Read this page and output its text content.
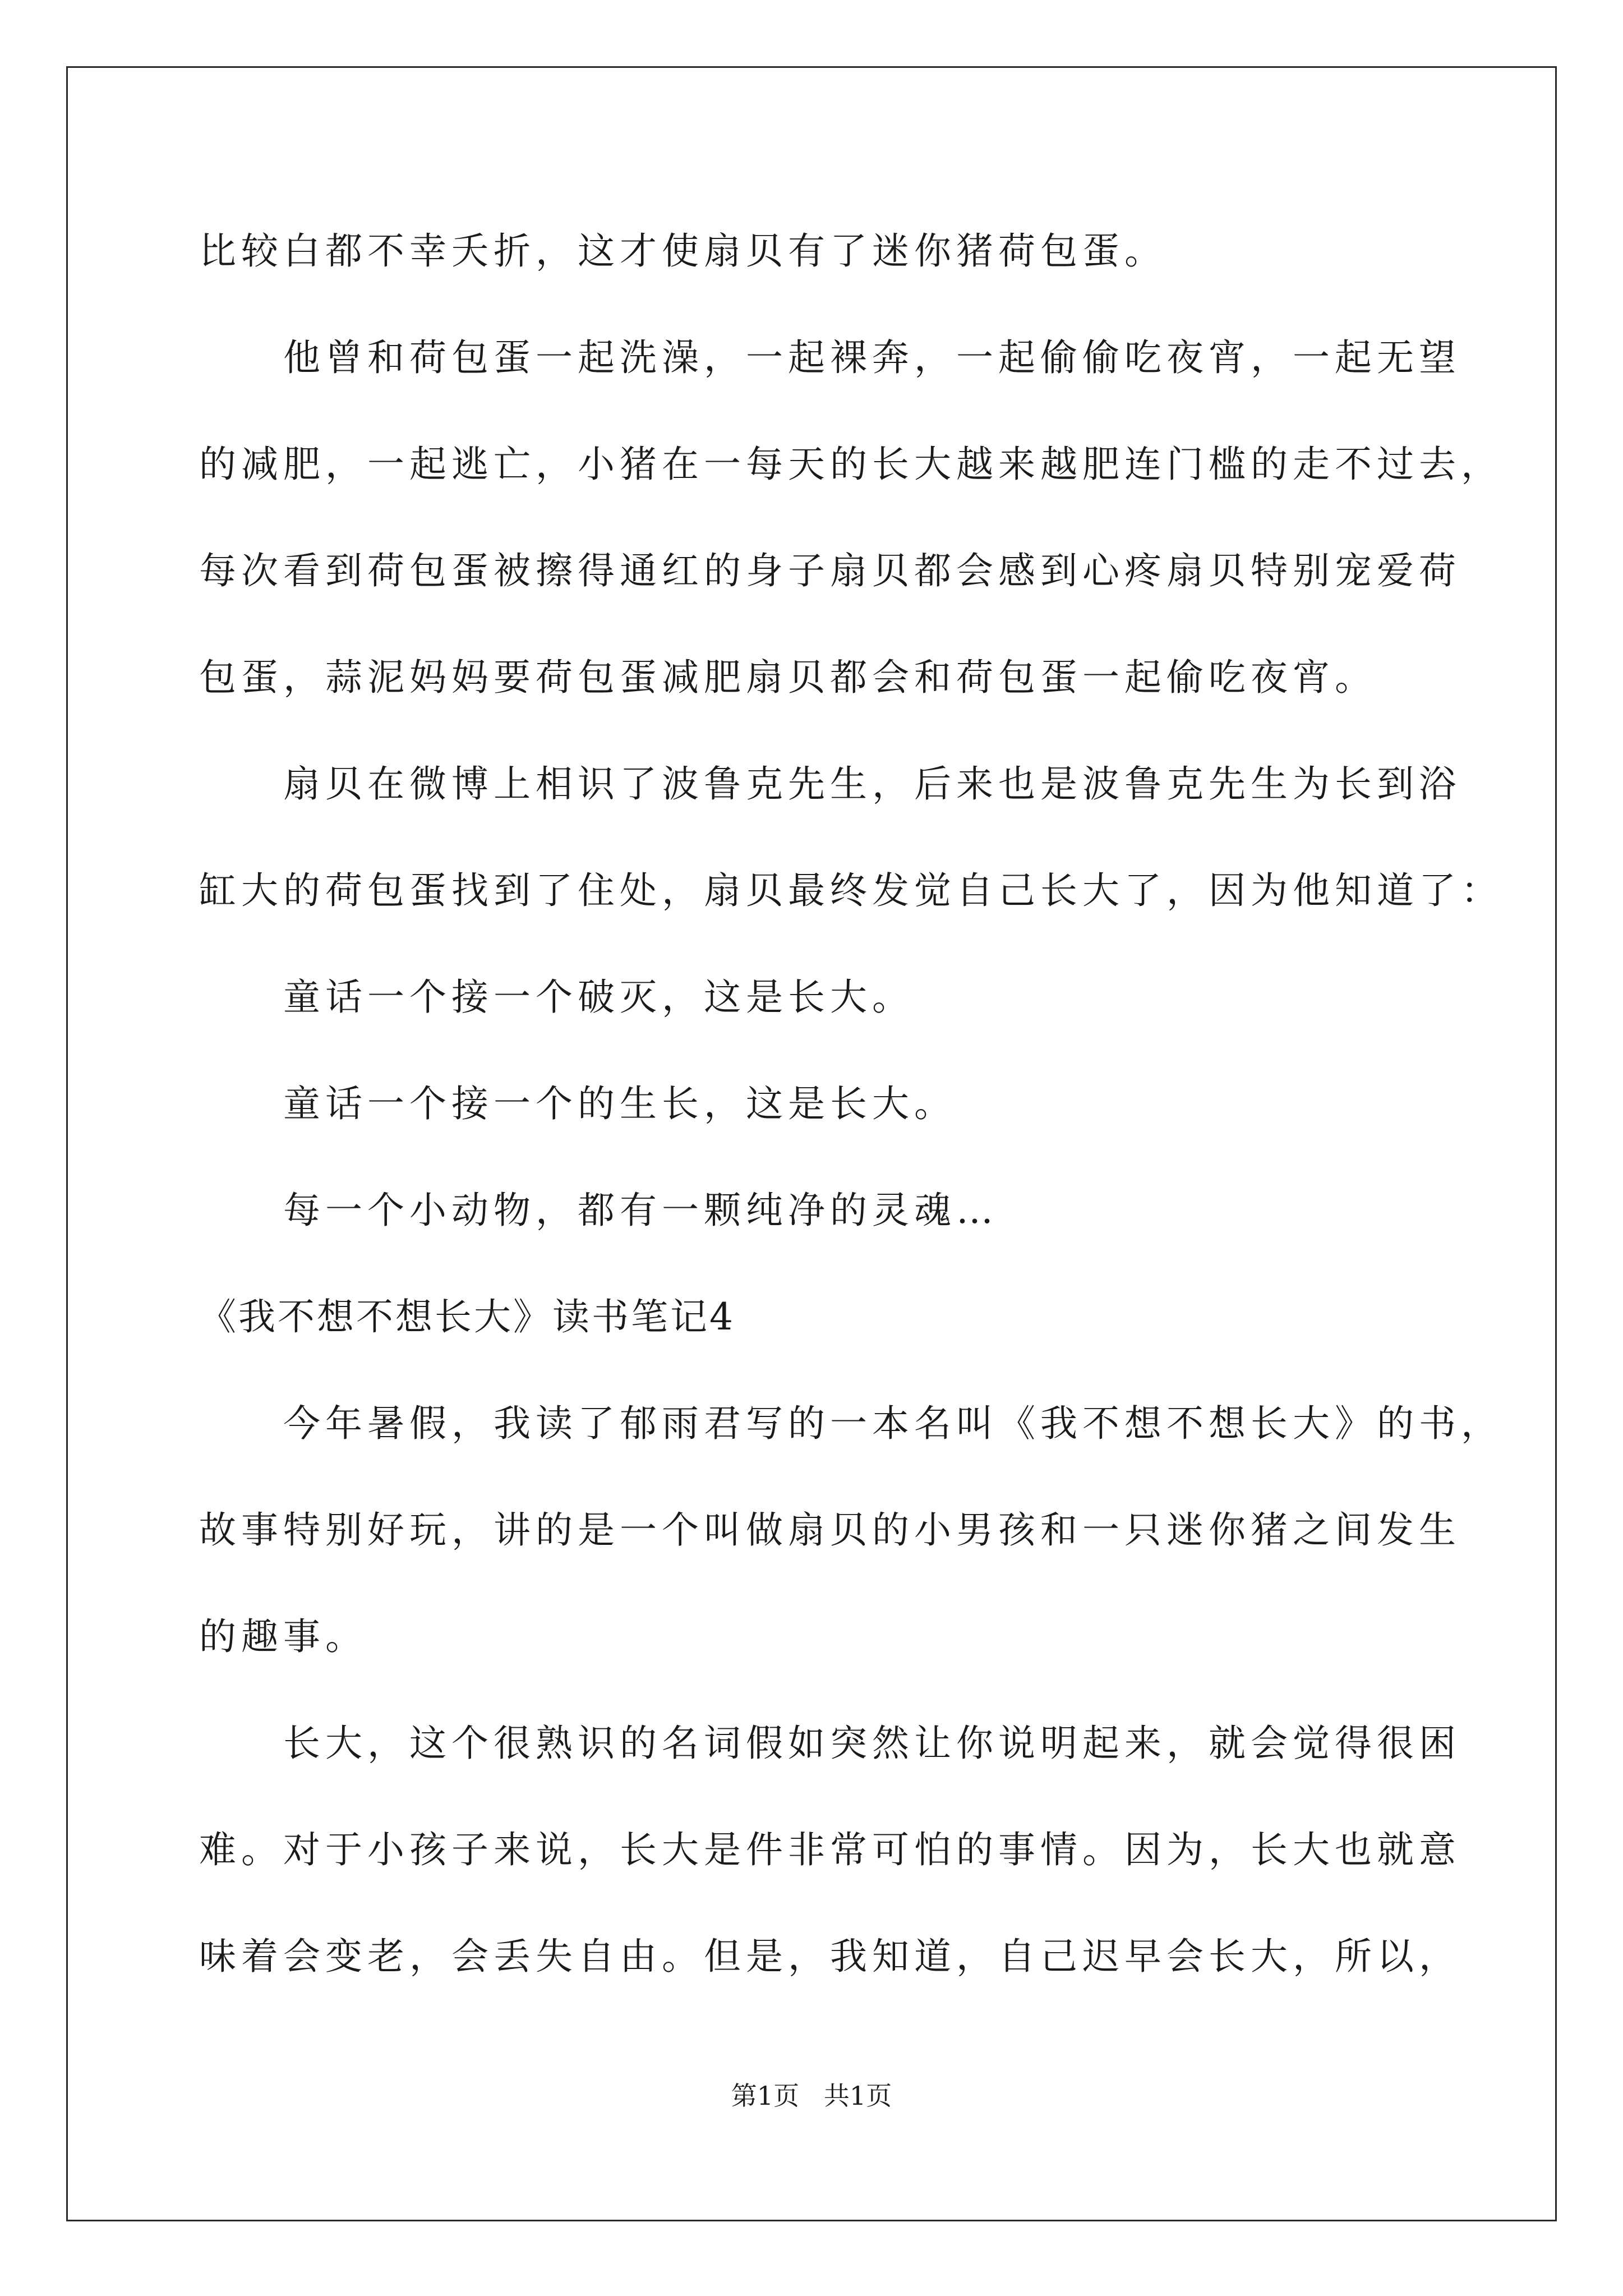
比较白都不幸夭折，这才使扇贝有了迷你猪荷包蛋。
他曾和荷包蛋一起洗澡，一起裸奔，一起偷偷吃夜宵，一起无望
的减肥，一起逃亡，小猪在一每天的长大越来越肥连门槛的走不过去，
每次看到荷包蛋被擦得通红的身子扇贝都会感到心疼扇贝特别宠爱荷
包蛋，蒜泥妈妈要荷包蛋减肥扇贝都会和荷包蛋一起偷吃夜宵。
扇贝在微博上相识了波鲁克先生，后来也是波鲁克先生为长到浴
缸大的荷包蛋找到了住处，扇贝最终发觉自己长大了，因为他知道了：
童话一个接一个破灭，这是长大。
童话一个接一个的生长，这是长大。
每一个小动物，都有一颗纯净的灵魂…
《我不想不想长大》读书笔记4
今年暑假，我读了郁雨君写的一本名叫《我不想不想长大》的书，
故事特别好玩，讲的是一个叫做扇贝的小男孩和一只迷你猪之间发生
的趣事。
长大，这个很熟识的名词假如突然让你说明起来，就会觉得很困
难。对于小孩子来说，长大是件非常可怕的事情。因为，长大也就意
味着会变老，会丢失自由。但是，我知道，自己迟早会长大，所以，
第1页   共1页
